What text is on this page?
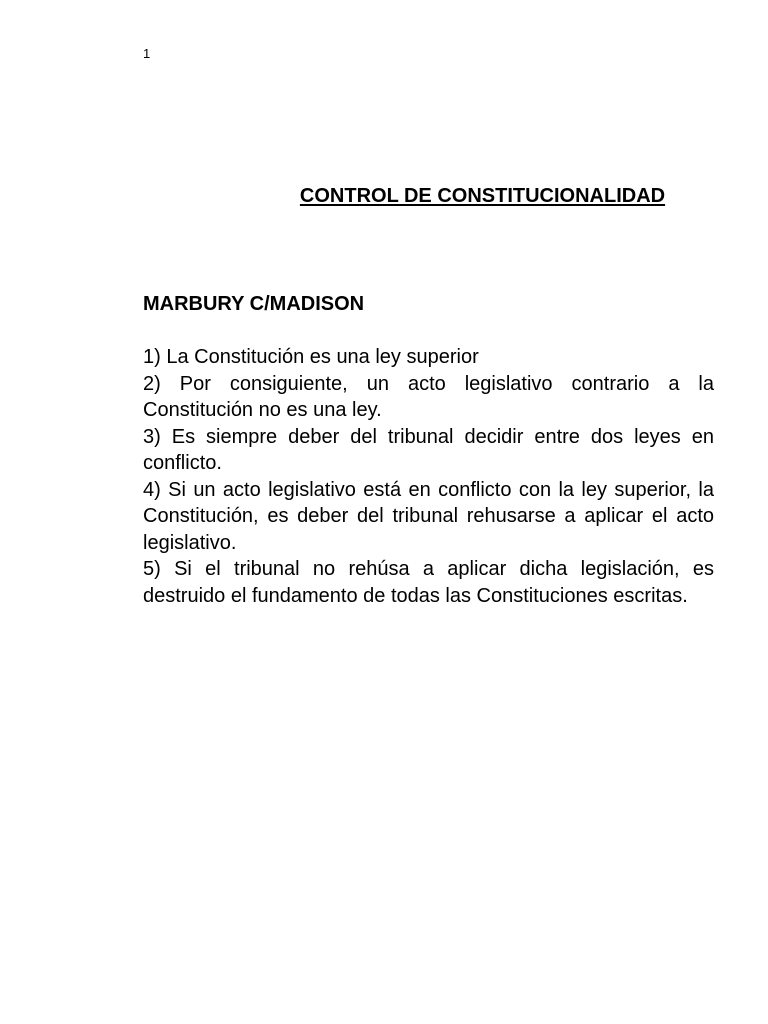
1
CONTROL DE CONSTITUCIONALIDAD
MARBURY C/MADISON
1) La Constitución es una ley superior
2) Por consiguiente, un acto legislativo contrario a la Constitución no es una ley.
3) Es siempre deber del tribunal decidir entre dos leyes en conflicto.
4) Si un acto legislativo está en conflicto con la ley superior, la Constitución, es deber del tribunal rehusarse a aplicar el acto legislativo.
5) Si el tribunal no rehúsa a aplicar dicha legislación, es destruido el fundamento de todas las Constituciones escritas.
